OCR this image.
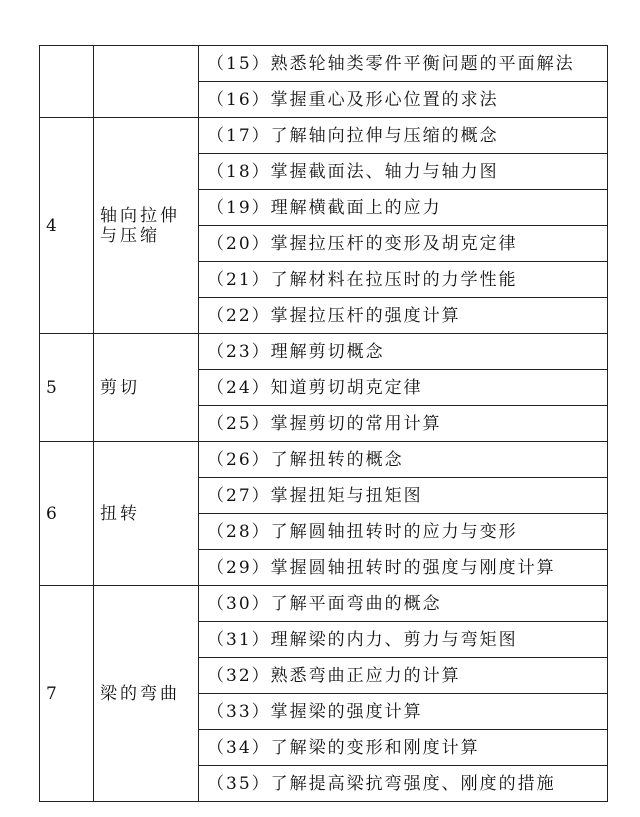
		（15）熟悉轮轴类零件平衡问题的平面解法
		（16）掌握重心及形心位置的求法
4	轴向拉伸与压缩	（17）了解轴向拉伸与压缩的概念
		（18）掌握截面法、轴力与轴力图
		（19）理解横截面上的应力
		（20）掌握拉压杆的变形及胡克定律
		（21）了解材料在拉压时的力学性能
		（22）掌握拉压杆的强度计算
5	剪切	（23）理解剪切概念
		（24）知道剪切胡克定律
		（25）掌握剪切的常用计算
6	扭转	（26）了解扭转的概念
		（27）掌握扭矩与扭矩图
		（28）了解圆轴扭转时的应力与变形
		（29）掌握圆轴扭转时的强度与刚度计算
7	梁的弯曲	（30）了解平面弯曲的概念
		（31）理解梁的内力、剪力与弯矩图
		（32）熟悉弯曲正应力的计算
		（33）掌握梁的强度计算
		（34）了解梁的变形和刚度计算
		（35）了解提高梁抗弯强度、刚度的措施
